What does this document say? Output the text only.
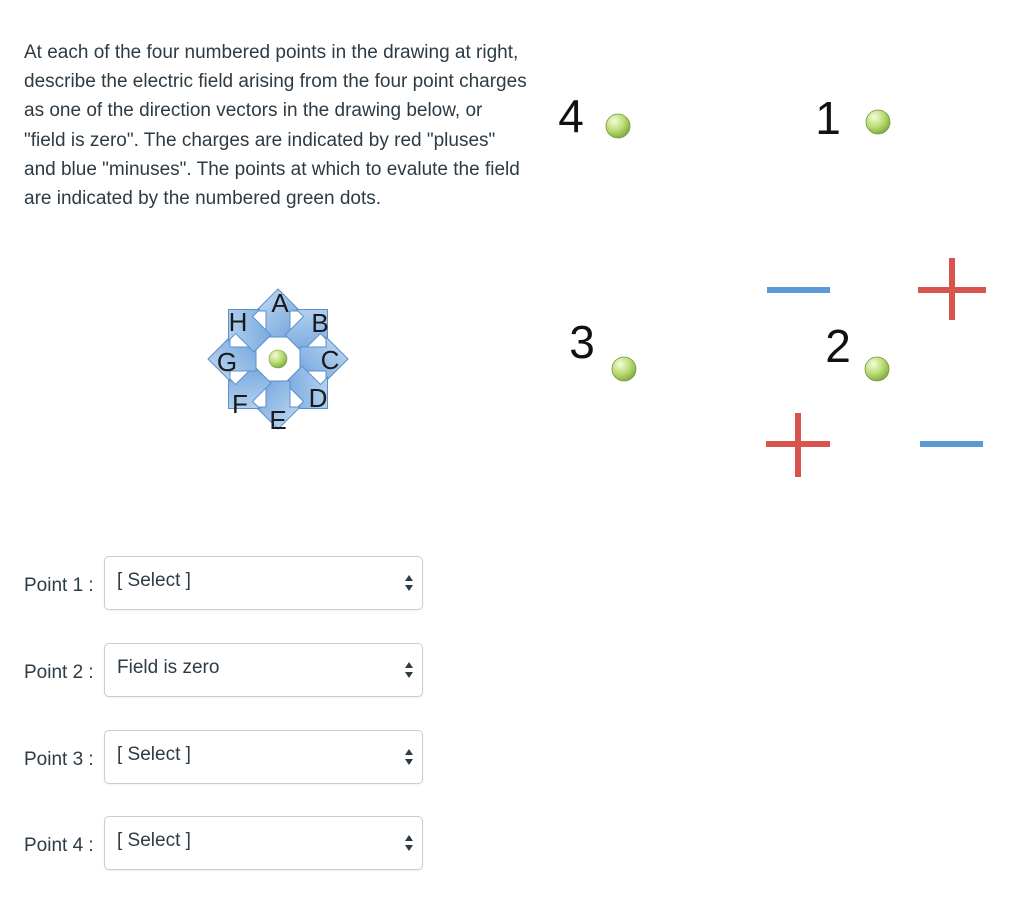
At each of the four numbered points in the drawing at right, describe the electric field arising from the four point charges as one of the direction vectors in the drawing below, or "field is zero". The charges are indicated by red "pluses" and blue "minuses". The points at which to evalute the field are indicated by the numbered green dots.
A
B
C
D
E
F
G
H
4	1
3	2
Point 1 : [ Select ]
Point 2 : Field is zero
Point 3 : [ Select ]
Point 4 : [ Select ]
